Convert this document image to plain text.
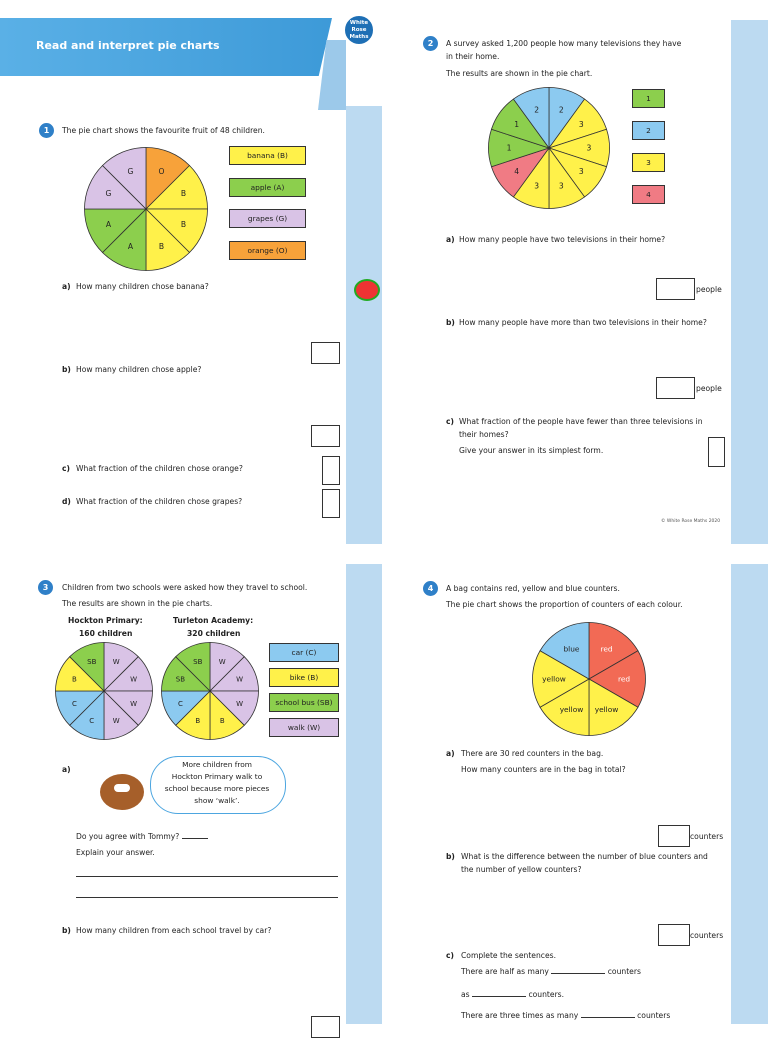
Read and interpret pie charts
White Rose Maths
1	The pie chart shows the favourite fruit of 48 children.
O
B
B
B
A
A
G
G
banana (B)
apple (A)
grapes (G)
orange (O)
a) How many children chose banana?
b) How many children chose apple?
c) What fraction of the children chose orange?
d) What fraction of the children chose grapes?
2	A survey asked 1,200 people how many televisions they have
in their home.
The results are shown in the pie chart.
2
3
3
3
3
3
4
1
1
2
1
2
3
4
a) How many people have two televisions in their home?
people
b) How many people have more than two televisions in their home?
people
c) What fraction of the people have fewer than three televisions in
their homes?
Give your answer in its simplest form.
© White Rose Maths 2020
3	Children from two schools were asked how they travel to school.
The results are shown in the pie charts.
Hockton Primary:
160 children
Turleton Academy:
320 children
W
W
W
W
C
C
B
SB	W
W
W
B
B
C
SB
SB
car (C)
bike (B)
school bus (SB)
walk (W)
a)
More children from
Hockton Primary walk to
school because more pieces
show ‘walk’.
Do you agree with Tommy?
Explain your answer.
b) How many children from each school travel by car?
4	A bag contains red, yellow and blue counters.
The pie chart shows the proportion of counters of each colour.
red
red
yellow
yellow
yellow
blue
a) There are 30 red counters in the bag.
How many counters are in the bag in total?
counters
b) What is the difference between the number of blue counters and
the number of yellow counters?
counters
c) Complete the sentences.
There are half as many	counters
as	counters.
There are three times as many	counters
